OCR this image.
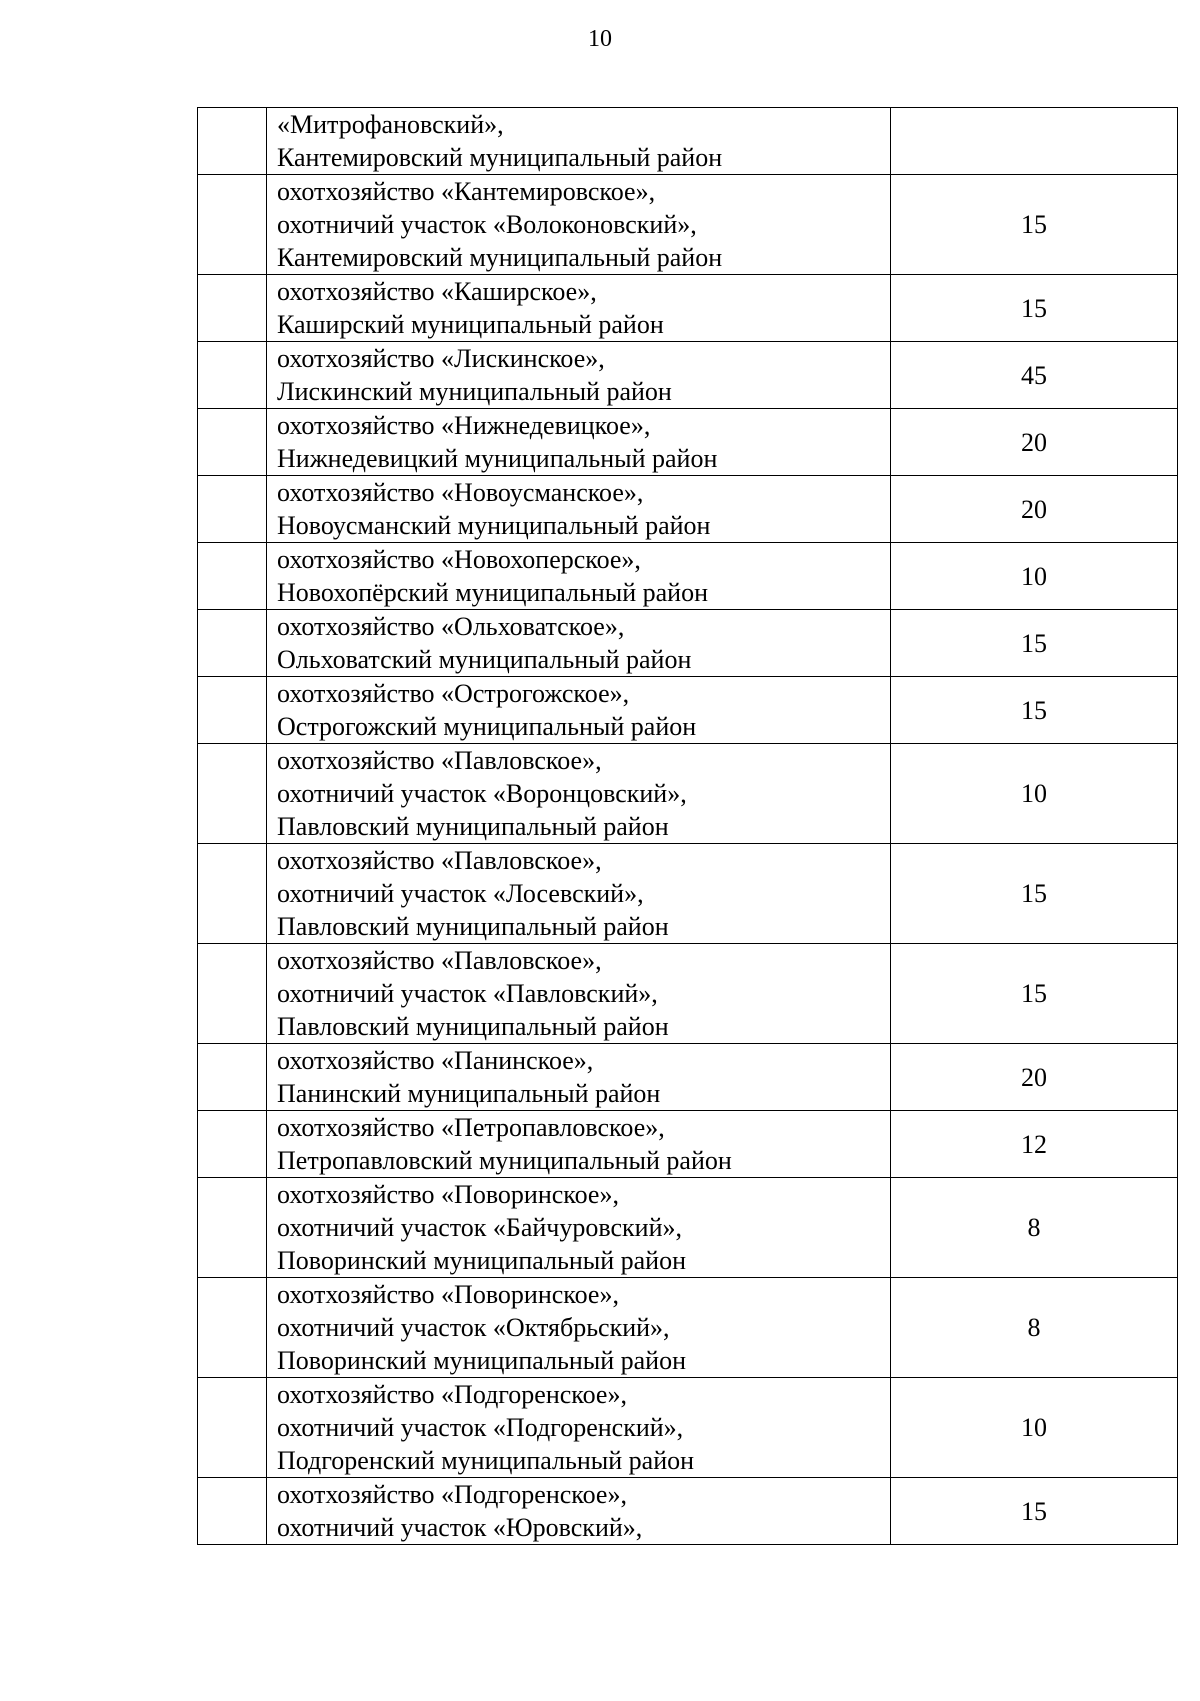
10

	«Митрофановский»,
Кантемировский муниципальный район	

	охотхозяйство «Кантемировское»,
охотничий участок «Волоконовский»,
Кантемировский муниципальный район	15

	охотхозяйство «Каширское»,
Каширский муниципальный район	15

	охотхозяйство «Лискинское»,
Лискинский муниципальный район	45

	охотхозяйство «Нижнедевицкое»,
Нижнедевицкий муниципальный район	20

	охотхозяйство «Новоусманское»,
Новоусманский муниципальный район	20

	охотхозяйство «Новохоперское»,
Новохопёрский муниципальный район	10

	охотхозяйство «Ольховатское»,
Ольховатский муниципальный район	15

	охотхозяйство «Острогожское»,
Острогожский муниципальный район	15

	охотхозяйство «Павловское»,
охотничий участок «Воронцовский»,
Павловский муниципальный район	10

	охотхозяйство «Павловское»,
охотничий участок «Лосевский»,
Павловский муниципальный район	15

	охотхозяйство «Павловское»,
охотничий участок «Павловский»,
Павловский муниципальный район	15

	охотхозяйство «Панинское»,
Панинский муниципальный район	20

	охотхозяйство «Петропавловское»,
Петропавловский муниципальный район	12

	охотхозяйство «Поворинское»,
охотничий участок «Байчуровский»,
Поворинский муниципальный район	8

	охотхозяйство «Поворинское»,
охотничий участок «Октябрьский»,
Поворинский муниципальный район	8

	охотхозяйство «Подгоренское»,
охотничий участок «Подгоренский»,
Подгоренский муниципальный район	10

	охотхозяйство «Подгоренское»,
охотничий участок «Юровский»,	15
